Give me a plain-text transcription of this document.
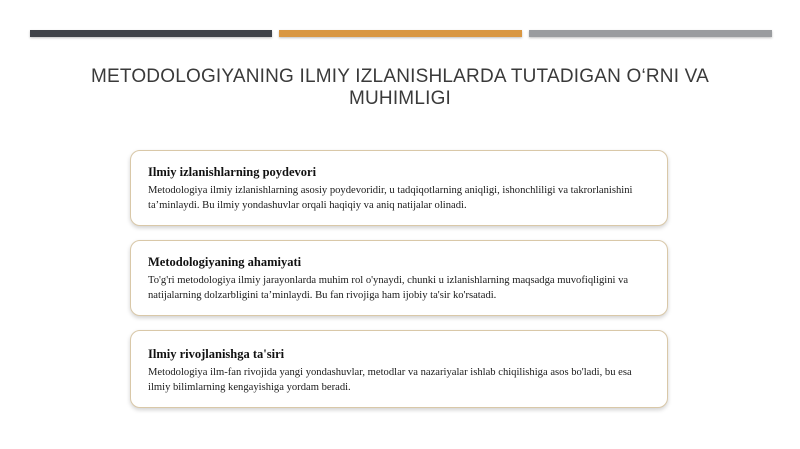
METODOLOGIYANING ILMIY IZLANISHLARDA TUTADIGAN O‘RNI VA MUHIMLIGI

Ilmiy izlanishlarning poydevori

Metodologiya ilmiy izlanishlarning asosiy poydevoridir, u tadqiqotlarning aniqligi, ishonchliligi va takrorlanishini ta’minlaydi. Bu ilmiy yondashuvlar orqali haqiqiy va aniq natijalar olinadi.

Metodologiyaning ahamiyati

To'g'ri metodologiya ilmiy jarayonlarda muhim rol o'ynaydi, chunki u izlanishlarning maqsadga muvofiqligini va natijalarning dolzarbligini ta’minlaydi. Bu fan rivojiga ham ijobiy ta'sir ko'rsatadi.

Ilmiy rivojlanishga ta'siri

Metodologiya ilm-fan rivojida yangi yondashuvlar, metodlar va nazariyalar ishlab chiqilishiga asos bo'ladi, bu esa ilmiy bilimlarning kengayishiga yordam beradi.
